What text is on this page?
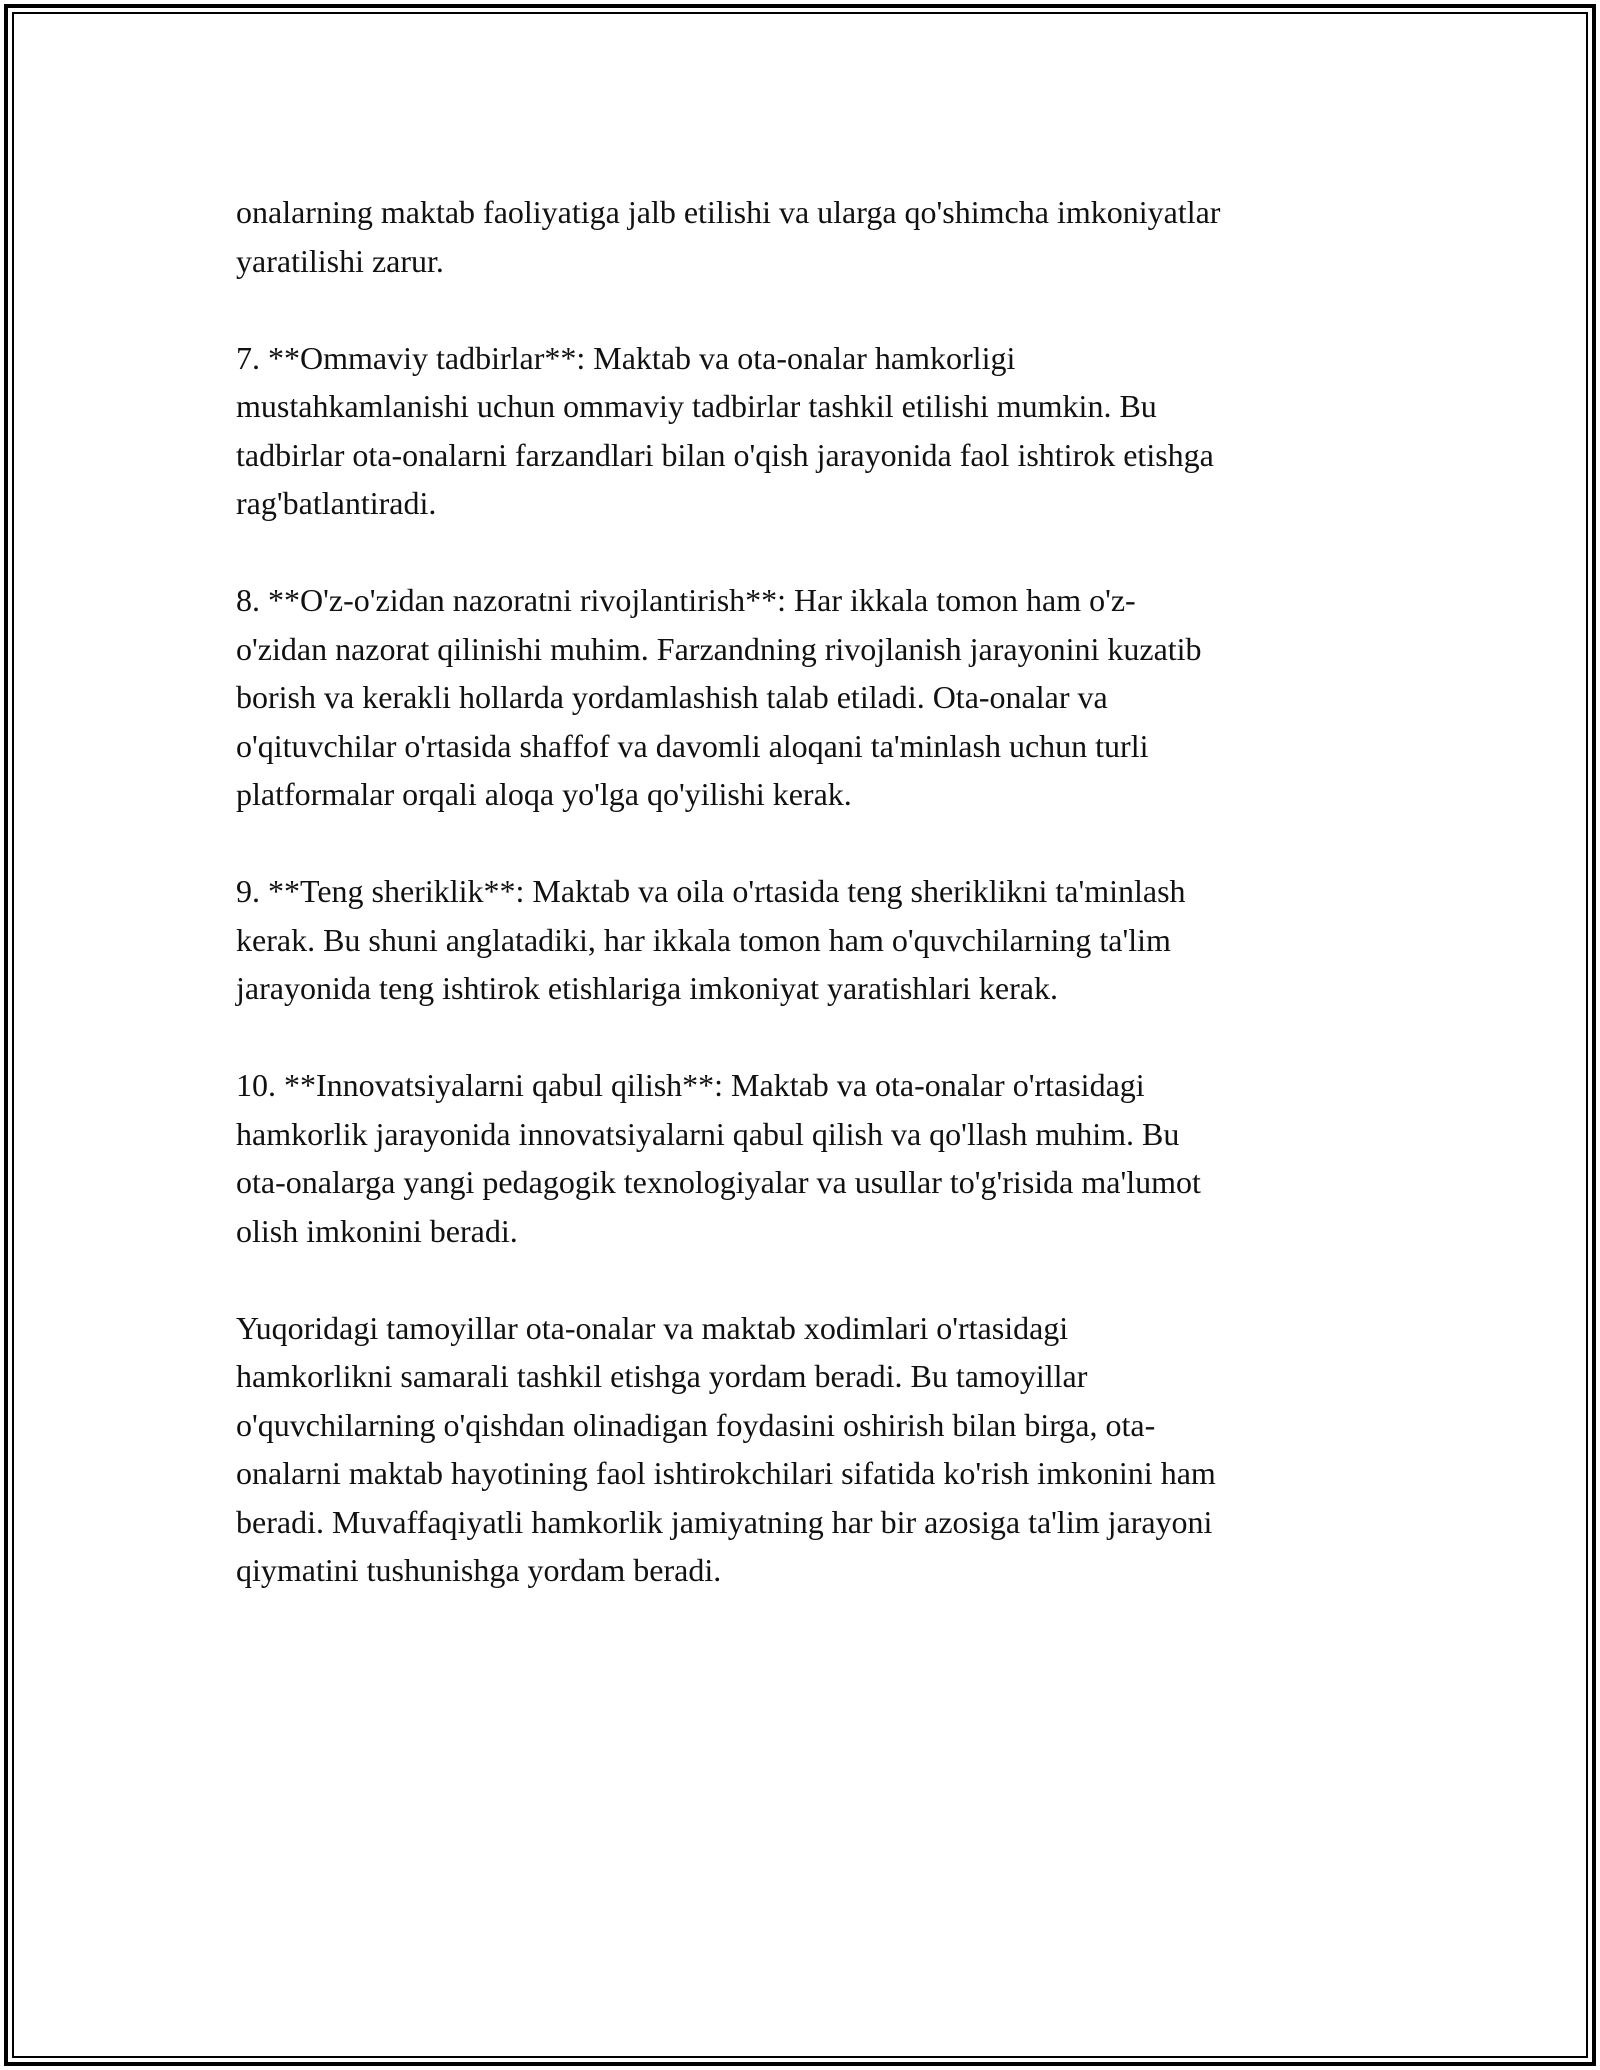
onalarning maktab faoliyatiga jalb etilishi va ularga qo'shimcha imkoniyatlar
yaratilishi zarur.

7. **Ommaviy tadbirlar**: Maktab va ota-onalar hamkorligi
mustahkamlanishi uchun ommaviy tadbirlar tashkil etilishi mumkin. Bu
tadbirlar ota-onalarni farzandlari bilan o'qish jarayonida faol ishtirok etishga
rag'batlantiradi.

8. **O'z-o'zidan nazoratni rivojlantirish**: Har ikkala tomon ham o'z-
o'zidan nazorat qilinishi muhim. Farzandning rivojlanish jarayonini kuzatib
borish va kerakli hollarda yordamlashish talab etiladi. Ota-onalar va
o'qituvchilar o'rtasida shaffof va davomli aloqani ta'minlash uchun turli
platformalar orqali aloqa yo'lga qo'yilishi kerak.

9. **Teng sheriklik**: Maktab va oila o'rtasida teng sheriklikni ta'minlash
kerak. Bu shuni anglatadiki, har ikkala tomon ham o'quvchilarning ta'lim
jarayonida teng ishtirok etishlariga imkoniyat yaratishlari kerak.

10. **Innovatsiyalarni qabul qilish**: Maktab va ota-onalar o'rtasidagi
hamkorlik jarayonida innovatsiyalarni qabul qilish va qo'llash muhim. Bu
ota-onalarga yangi pedagogik texnologiyalar va usullar to'g'risida ma'lumot
olish imkonini beradi.

Yuqoridagi tamoyillar ota-onalar va maktab xodimlari o'rtasidagi
hamkorlikni samarali tashkil etishga yordam beradi. Bu tamoyillar
o'quvchilarning o'qishdan olinadigan foydasini oshirish bilan birga, ota-
onalarni maktab hayotining faol ishtirokchilari sifatida ko'rish imkonini ham
beradi. Muvaffaqiyatli hamkorlik jamiyatning har bir azosiga ta'lim jarayoni
qiymatini tushunishga yordam beradi.
